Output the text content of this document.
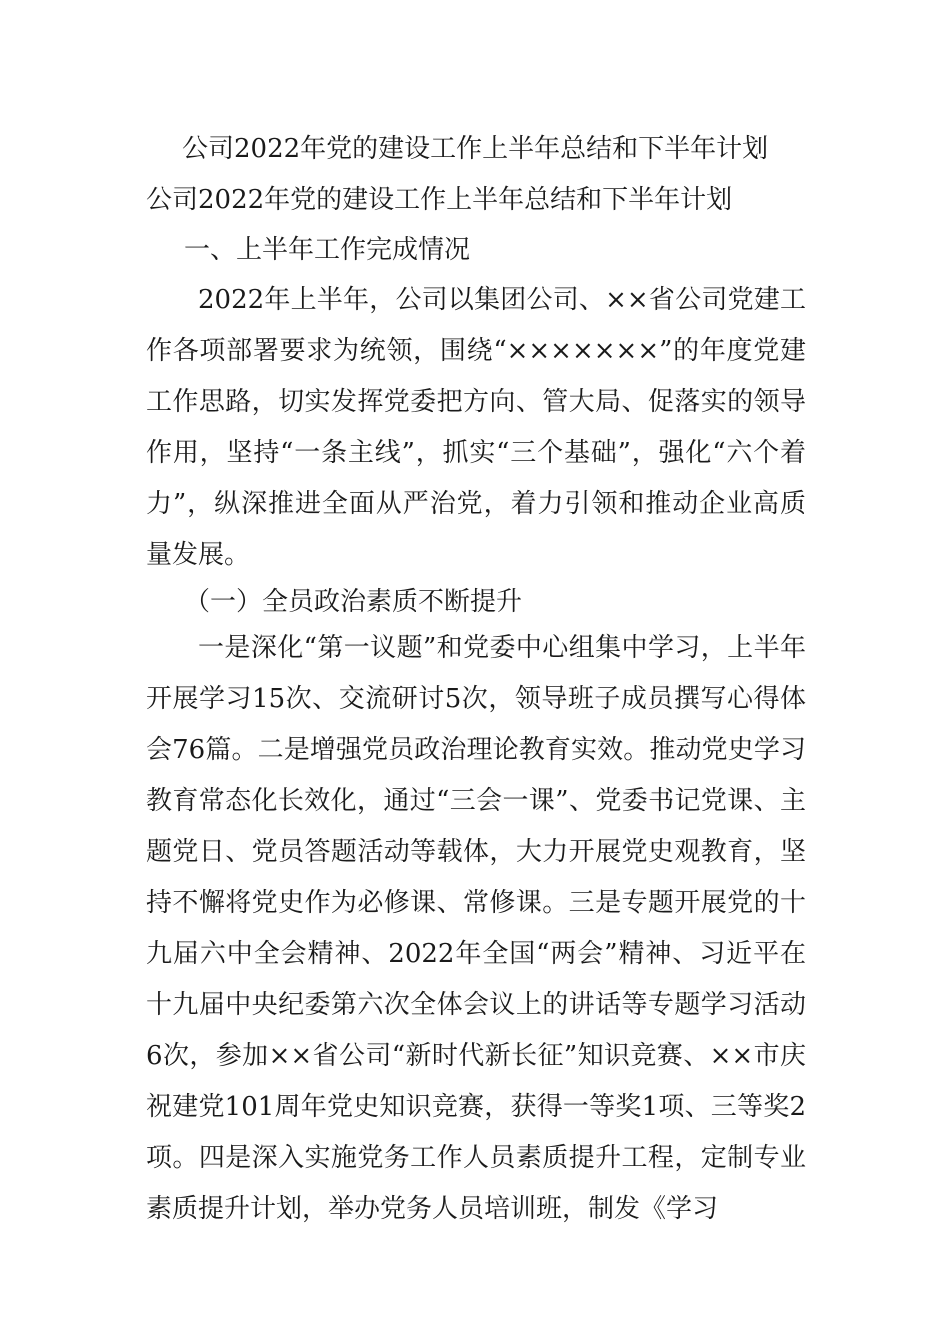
公司2022年党的建设工作上半年总结和下半年计划

公司2022年党的建设工作上半年总结和下半年计划

一、上半年工作完成情况

2022年上半年，公司以集团公司、××省公司党建工作各项部署要求为统领，围绕“×××××××”的年度党建工作思路，切实发挥党委把方向、管大局、促落实的领导作用，坚持“一条主线”，抓实“三个基础”，强化“六个着力”，纵深推进全面从严治党，着力引领和推动企业高质量发展。

（一）全员政治素质不断提升

一是深化“第一议题”和党委中心组集中学习，上半年开展学习15次、交流研讨5次，领导班子成员撰写心得体会76篇。二是增强党员政治理论教育实效。推动党史学习教育常态化长效化，通过“三会一课”、党委书记党课、主题党日、党员答题活动等载体，大力开展党史观教育，坚持不懈将党史作为必修课、常修课。三是专题开展党的十九届六中全会精神、2022年全国“两会”精神、习近平在十九届中央纪委第六次全体会议上的讲话等专题学习活动6次，参加××省公司“新时代新长征”知识竞赛、××市庆祝建党101周年党史知识竞赛，获得一等奖1项、三等奖2项。四是深入实施党务工作人员素质提升工程，定制专业素质提升计划，举办党务人员培训班，制发《学习
